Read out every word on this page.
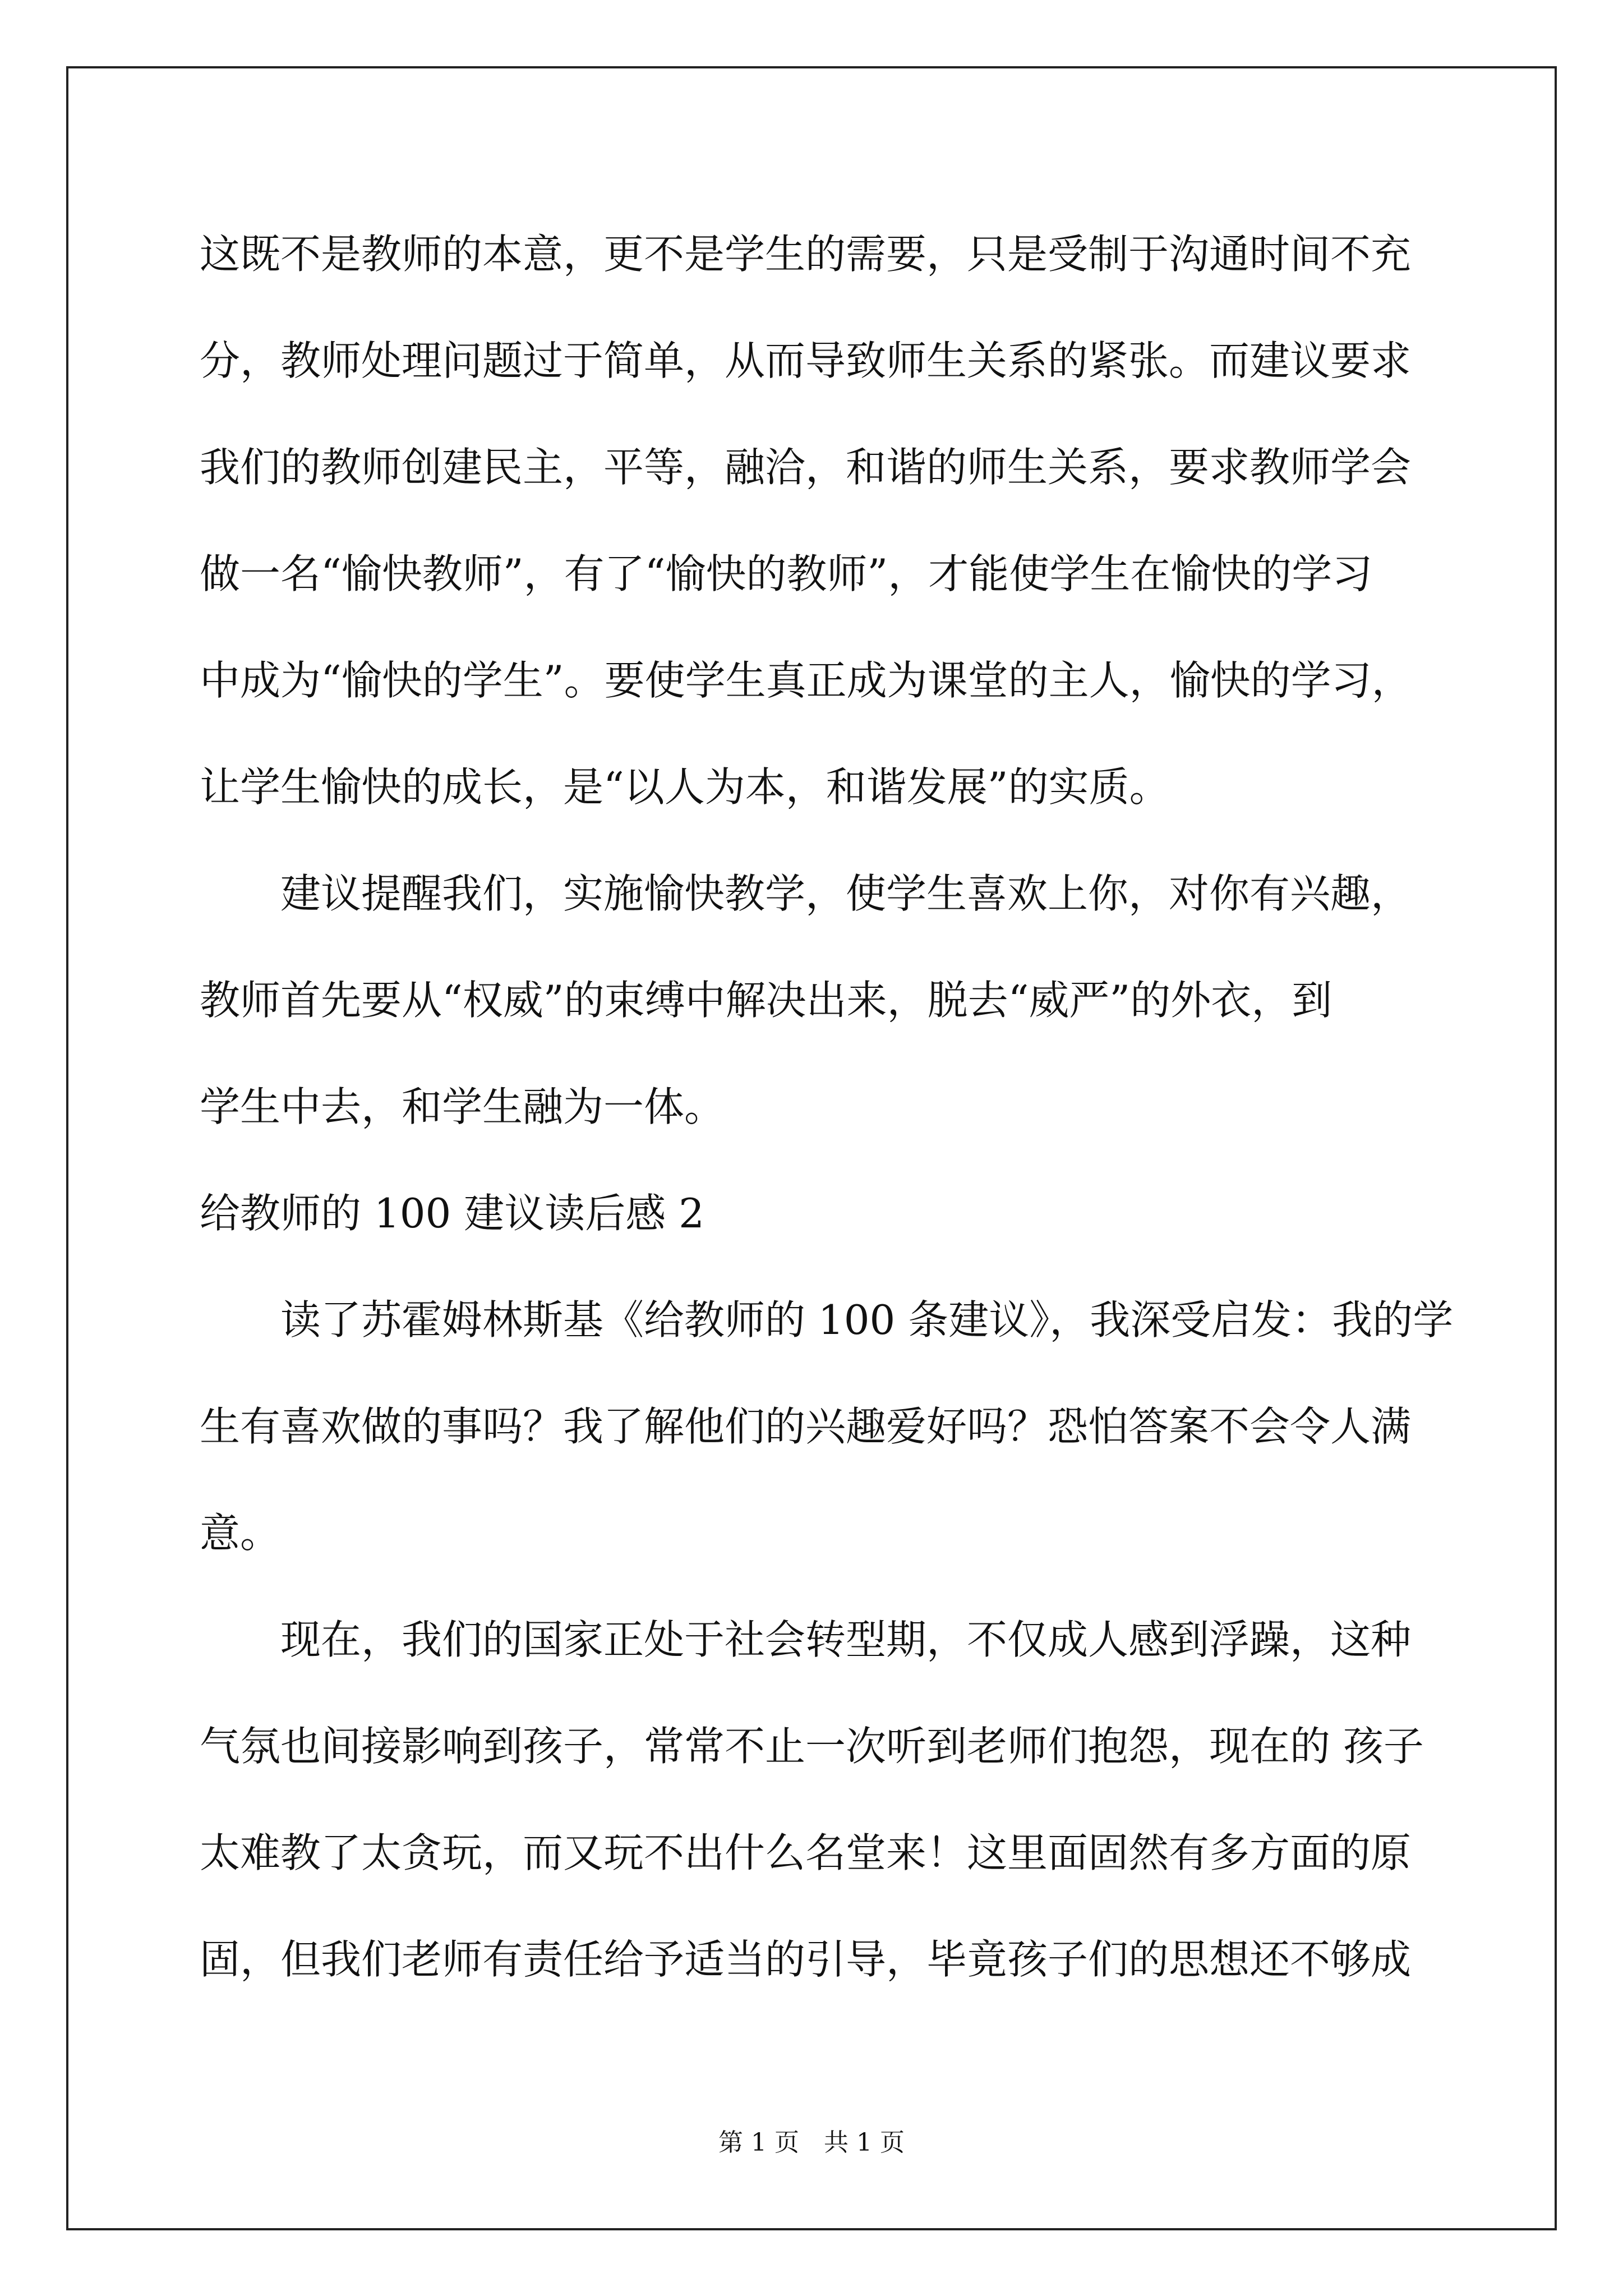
这既不是教师的本意，更不是学生的需要，只是受制于沟通时间不充
分，教师处理问题过于简单，从而导致师生关系的紧张。而建议要求
我们的教师创建民主，平等，融洽，和谐的师生关系，要求教师学会
做一名“愉快教师”，有了“愉快的教师”，才能使学生在愉快的学习
中成为“愉快的学生”。要使学生真正成为课堂的主人，愉快的学习，
让学生愉快的成长，是“以人为本，和谐发展”的实质。
建议提醒我们，实施愉快教学，使学生喜欢上你，对你有兴趣，
教师首先要从“权威”的束缚中解决出来，脱去“威严”的外衣，到
学生中去，和学生融为一体。
给教师的 100 建议读后感 2
读了苏霍姆林斯基《给教师的 100 条建议》，我深受启发：我的学
生有喜欢做的事吗？我了解他们的兴趣爱好吗？恐怕答案不会令人满
意。
现在，我们的国家正处于社会转型期，不仅成人感到浮躁，这种
气氛也间接影响到孩子，常常不止一次听到老师们抱怨，现在的 孩子
太难教了太贪玩，而又玩不出什么名堂来！这里面固然有多方面的原
固，但我们老师有责任给予适当的引导，毕竟孩子们的思想还不够成
第 1 页 共 1 页
